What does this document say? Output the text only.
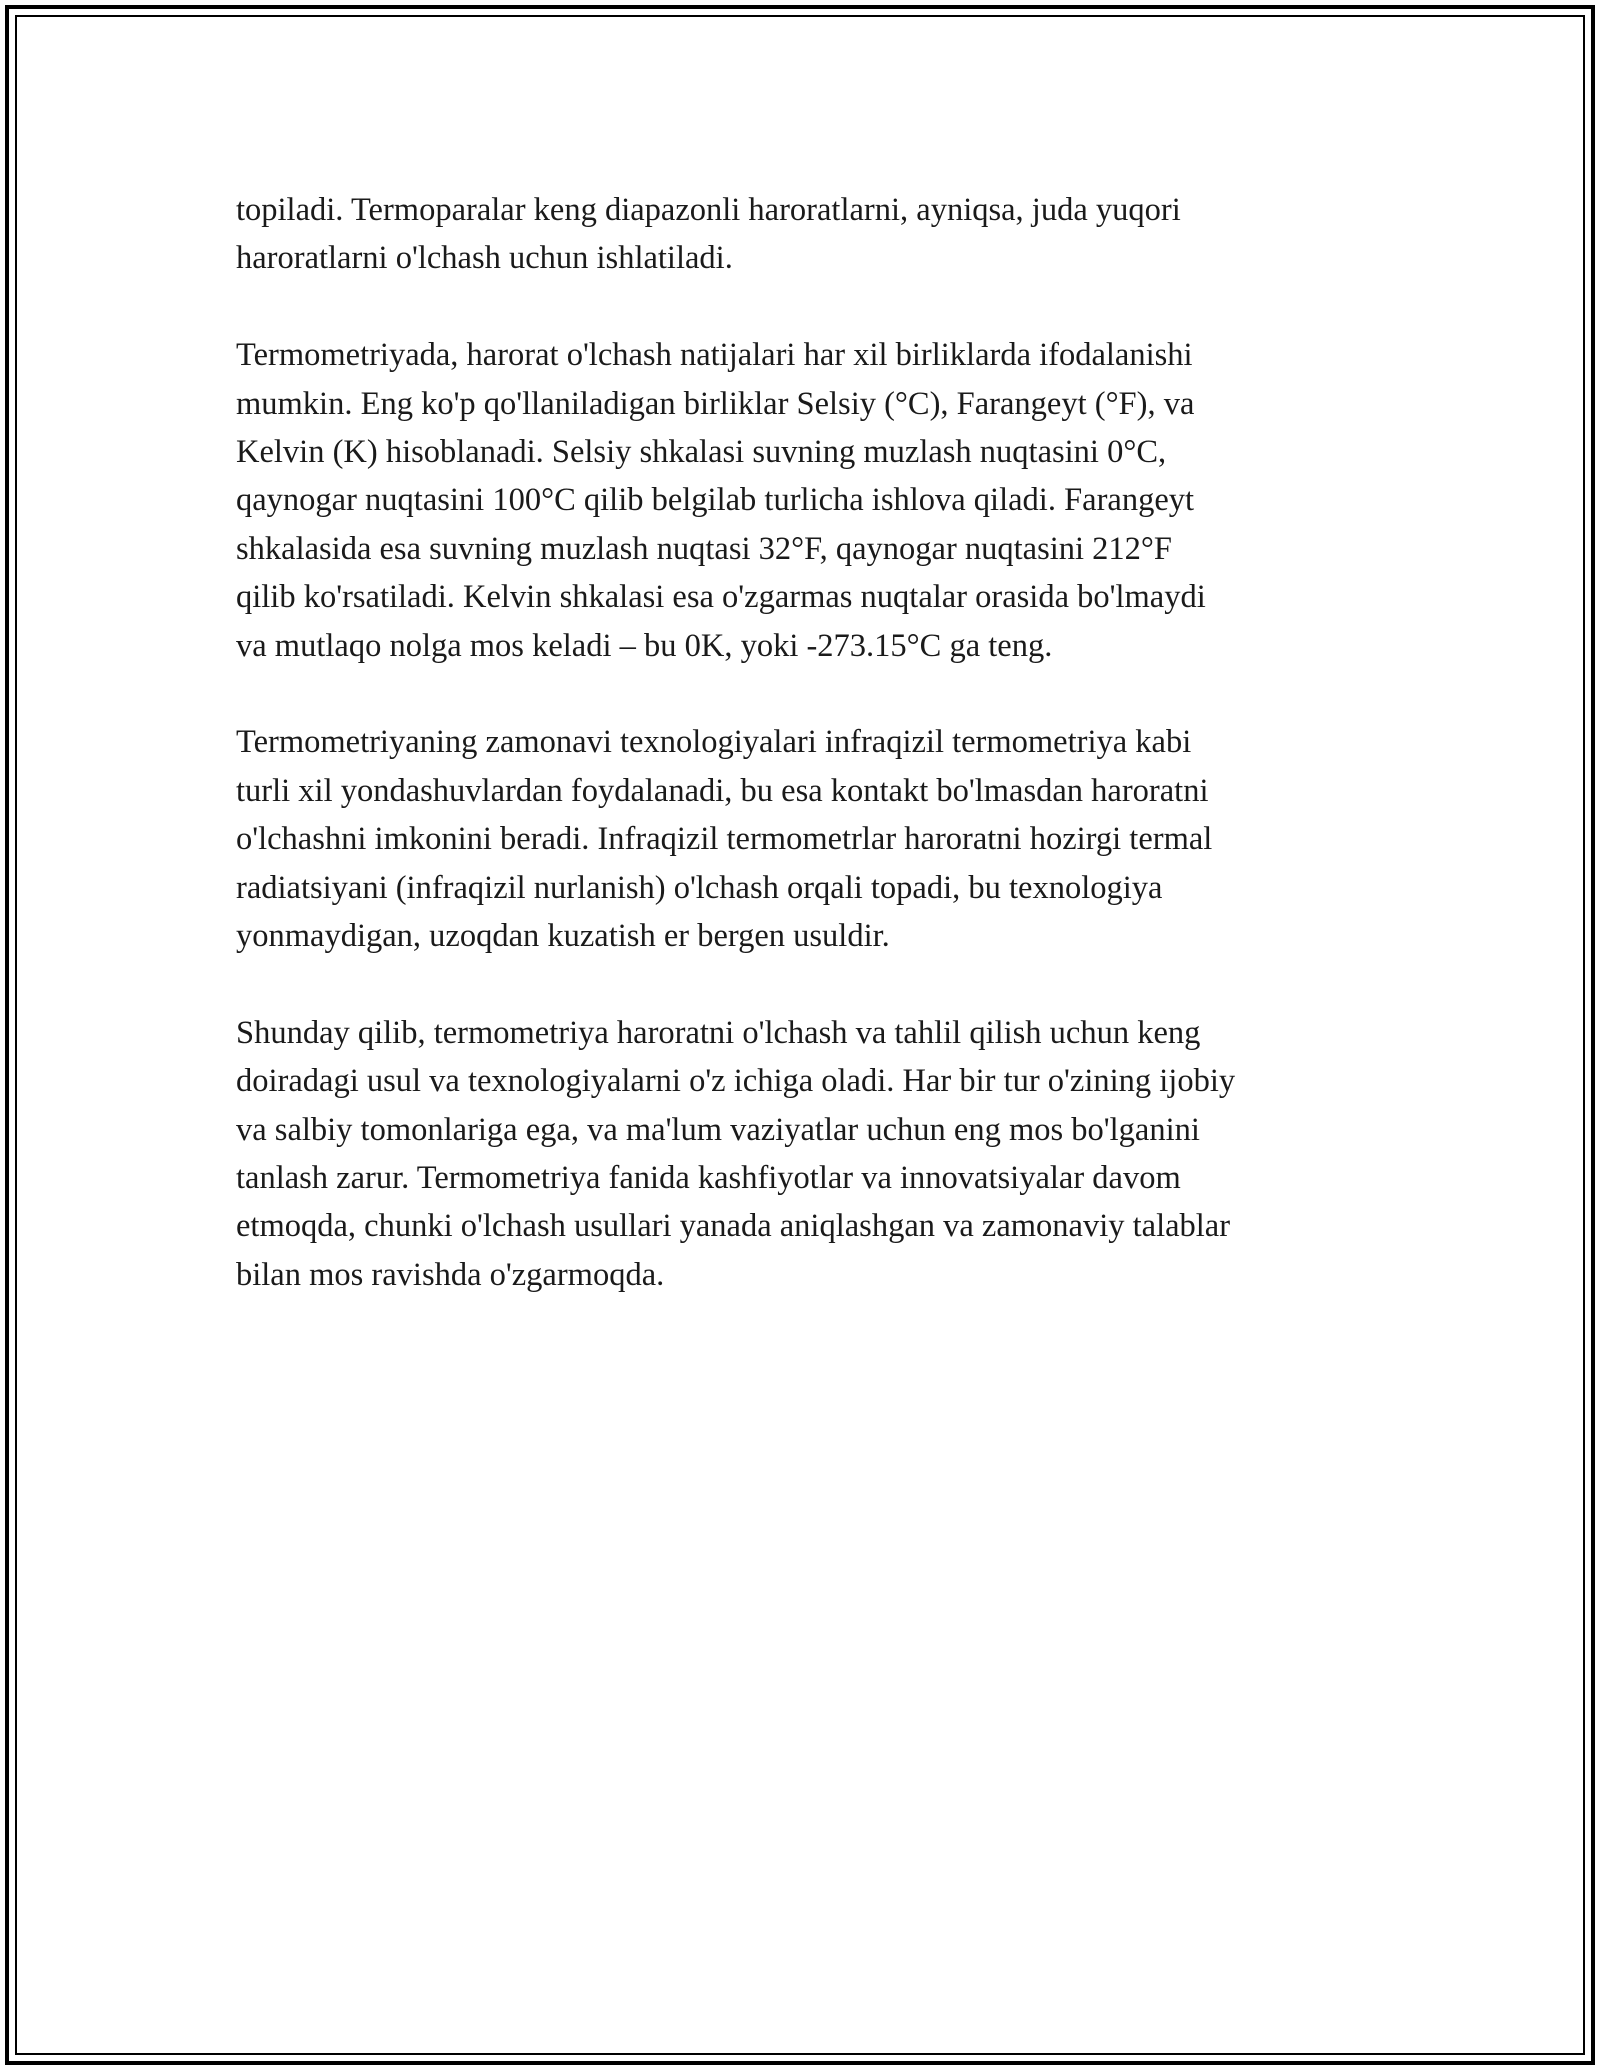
topiladi. Termoparalar keng diapazonli haroratlarni, ayniqsa, juda yuqori
haroratlarni o'lchash uchun ishlatiladi.

Termometriyada, harorat o'lchash natijalari har xil birliklarda ifodalanishi
mumkin. Eng ko'p qo'llaniladigan birliklar Selsiy (°C), Farangeyt (°F), va
Kelvin (K) hisoblanadi. Selsiy shkalasi suvning muzlash nuqtasini 0°C,
qaynogar nuqtasini 100°C qilib belgilab turlicha ishlova qiladi. Farangeyt
shkalasida esa suvning muzlash nuqtasi 32°F, qaynogar nuqtasini 212°F
qilib ko'rsatiladi. Kelvin shkalasi esa o'zgarmas nuqtalar orasida bo'lmaydi
va mutlaqo nolga mos keladi – bu 0K, yoki -273.15°C ga teng.

Termometriyaning zamonavi texnologiyalari infraqizil termometriya kabi
turli xil yondashuvlardan foydalanadi, bu esa kontakt bo'lmasdan haroratni
o'lchashni imkonini beradi. Infraqizil termometrlar haroratni hozirgi termal
radiatsiyani (infraqizil nurlanish) o'lchash orqali topadi, bu texnologiya
yonmaydigan, uzoqdan kuzatish er bergen usuldir.

Shunday qilib, termometriya haroratni o'lchash va tahlil qilish uchun keng
doiradagi usul va texnologiyalarni o'z ichiga oladi. Har bir tur o'zining ijobiy
va salbiy tomonlariga ega, va ma'lum vaziyatlar uchun eng mos bo'lganini
tanlash zarur. Termometriya fanida kashfiyotlar va innovatsiyalar davom
etmoqda, chunki o'lchash usullari yanada aniqlashgan va zamonaviy talablar
bilan mos ravishda o'zgarmoqda.
